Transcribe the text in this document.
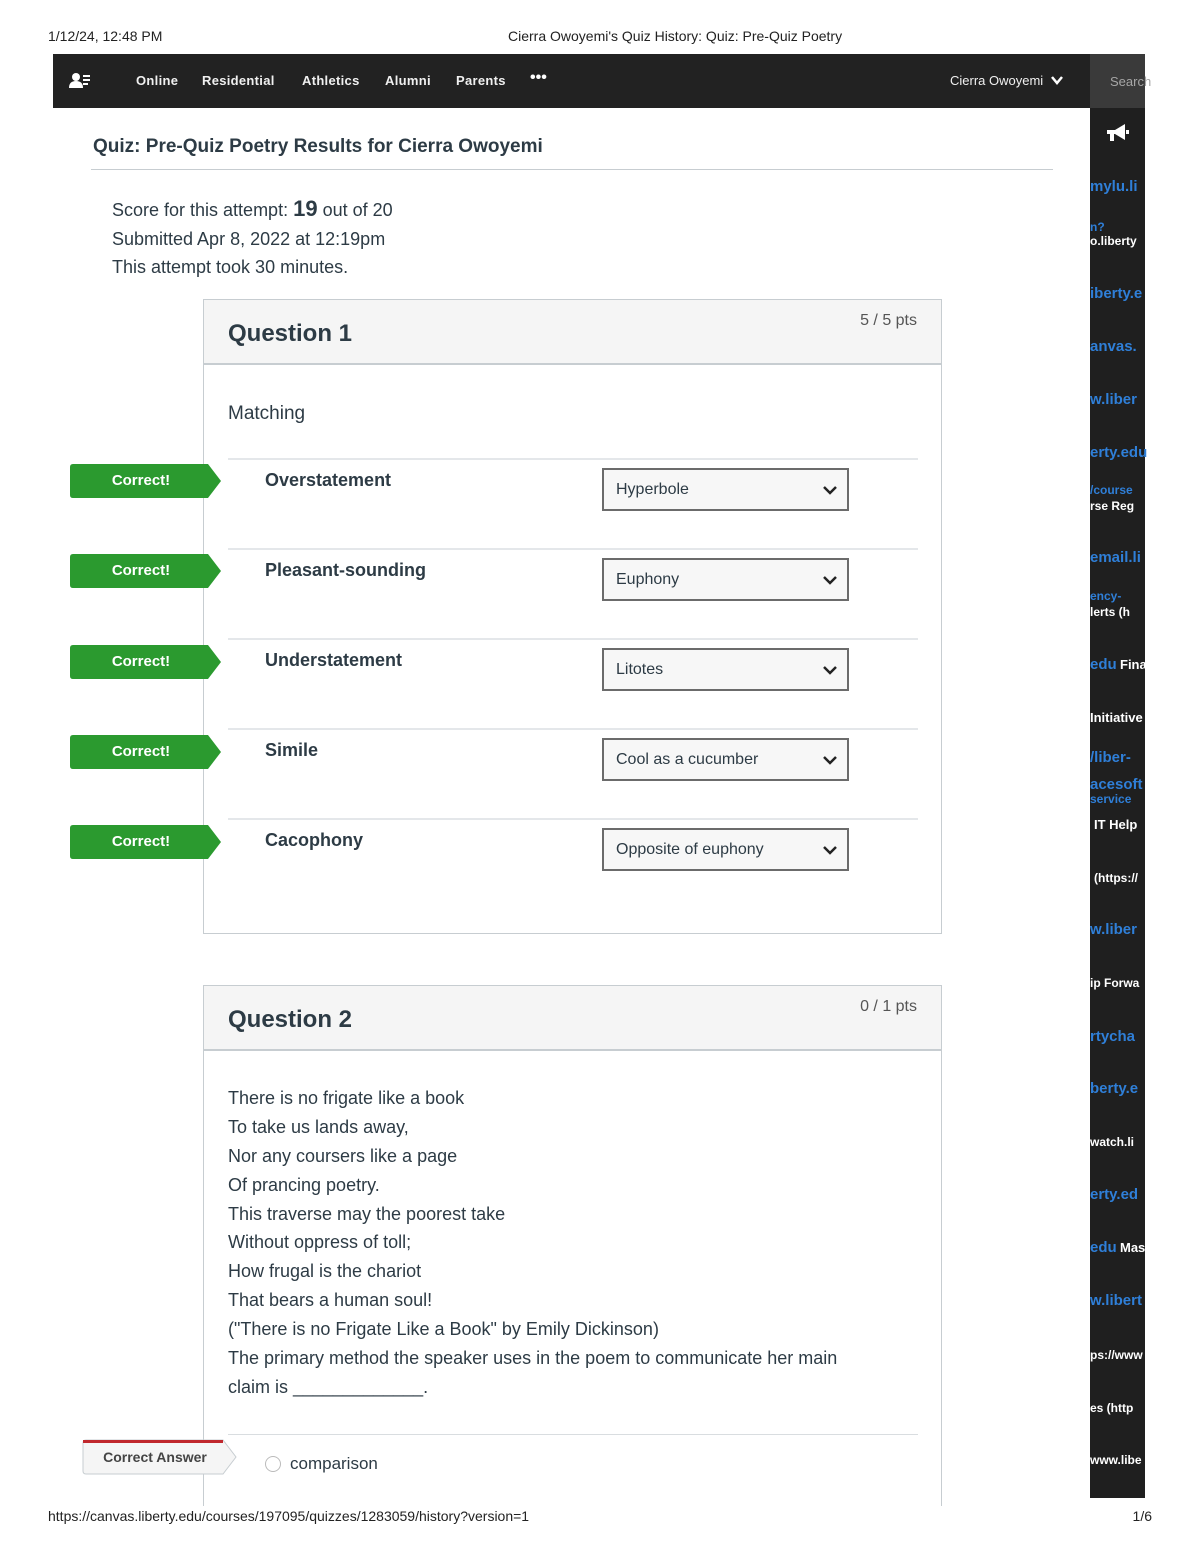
1/12/24, 12:48 PM	Cierra Owoyemi's Quiz History: Quiz: Pre-Quiz Poetry
Online Residential Athletics Alumni Parents •••	Cierra Owoyemi	Search
mylu.li
n?
o.liberty
iberty.e
anvas.
w.liber
erty.edu
/course
rse Reg
email.li
ency-
lerts (h
edu Fina
Initiative
/liber-
acesoft
service
IT Help
(https://
w.liber
ip Forwa
rtycha
berty.e
watch.li
erty.ed
edu Mas
w.libert
ps://www
es (http
www.libe
Quiz: Pre-Quiz Poetry Results for Cierra Owoyemi
Score for this attempt: 19 out of 20
Submitted Apr 8, 2022 at 12:19pm
This attempt took 30 minutes.
Question 1	5 / 5 pts
Matching
Overstatement	Hyperbole
Pleasant-sounding	Euphony
Understatement	Litotes
Simile	Cool as a cucumber
Cacophony	Opposite of euphony
Correct!
Correct!
Correct!
Correct!
Correct!
Question 2	0 / 1 pts
There is no frigate like a book
To take us lands away,
Nor any coursers like a page
Of prancing poetry.
This traverse may the poorest take
Without oppress of toll;
How frugal is the chariot
That bears a human soul!
("There is no Frigate Like a Book" by Emily Dickinson)
The primary method the speaker uses in the poem to communicate her main
claim is _____________.
comparison
Correct Answer
https://canvas.liberty.edu/courses/197095/quizzes/1283059/history?version=1	1/6
